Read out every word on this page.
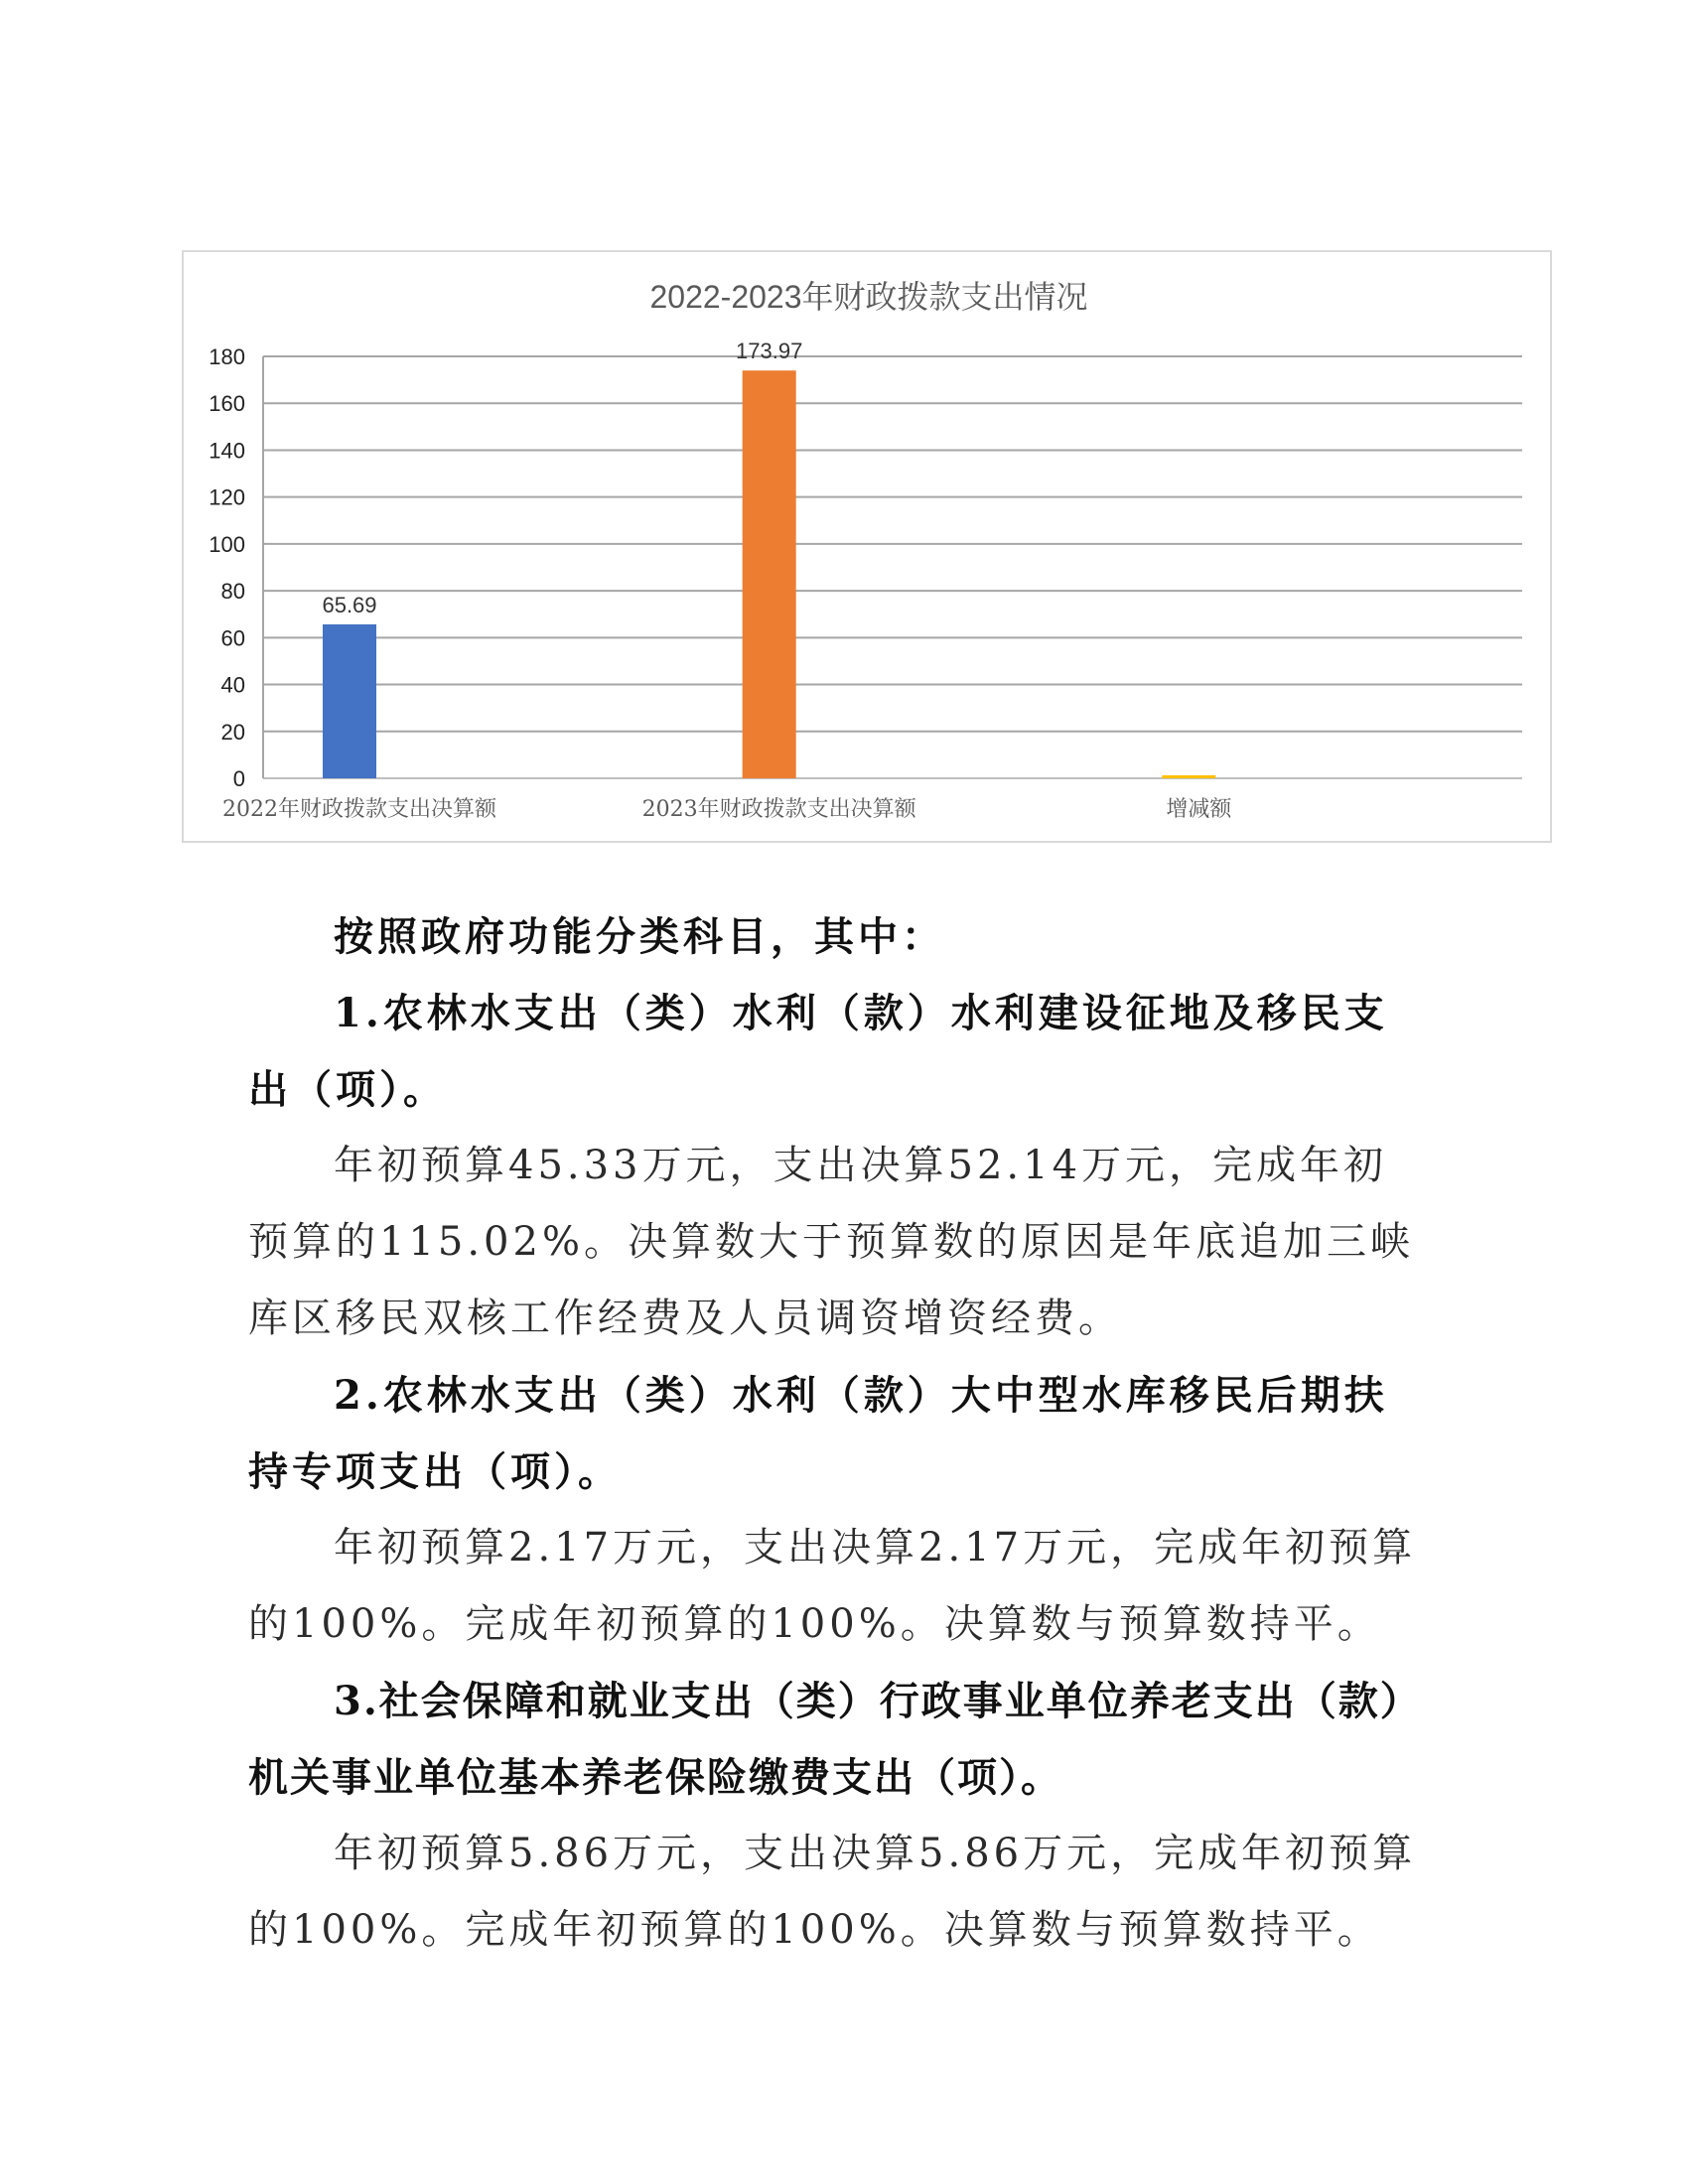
2022-2023年财政拨款支出情况
0
20
40
60
80
100
120
140
160
180
65.69
2022年财政拨款支出决算额
173.97
2023年财政拨款支出决算额	增减额

按照政府功能分类科目，其中：

1.农林水支出（类）水利（款）水利建设征地及移民支出（项）。

年初预算45.33万元，支出决算52.14万元，完成年初预算的115.02%。决算数大于预算数的原因是年底追加三峡库区移民双核工作经费及人员调资增资经费。

2.农林水支出（类）水利（款）大中型水库移民后期扶持专项支出（项）。

年初预算2.17万元，支出决算2.17万元，完成年初预算的100%。完成年初预算的100%。决算数与预算数持平。

3.社会保障和就业支出（类）行政事业单位养老支出（款）机关事业单位基本养老保险缴费支出（项）。

年初预算5.86万元，支出决算5.86万元，完成年初预算的100%。完成年初预算的100%。决算数与预算数持平。
